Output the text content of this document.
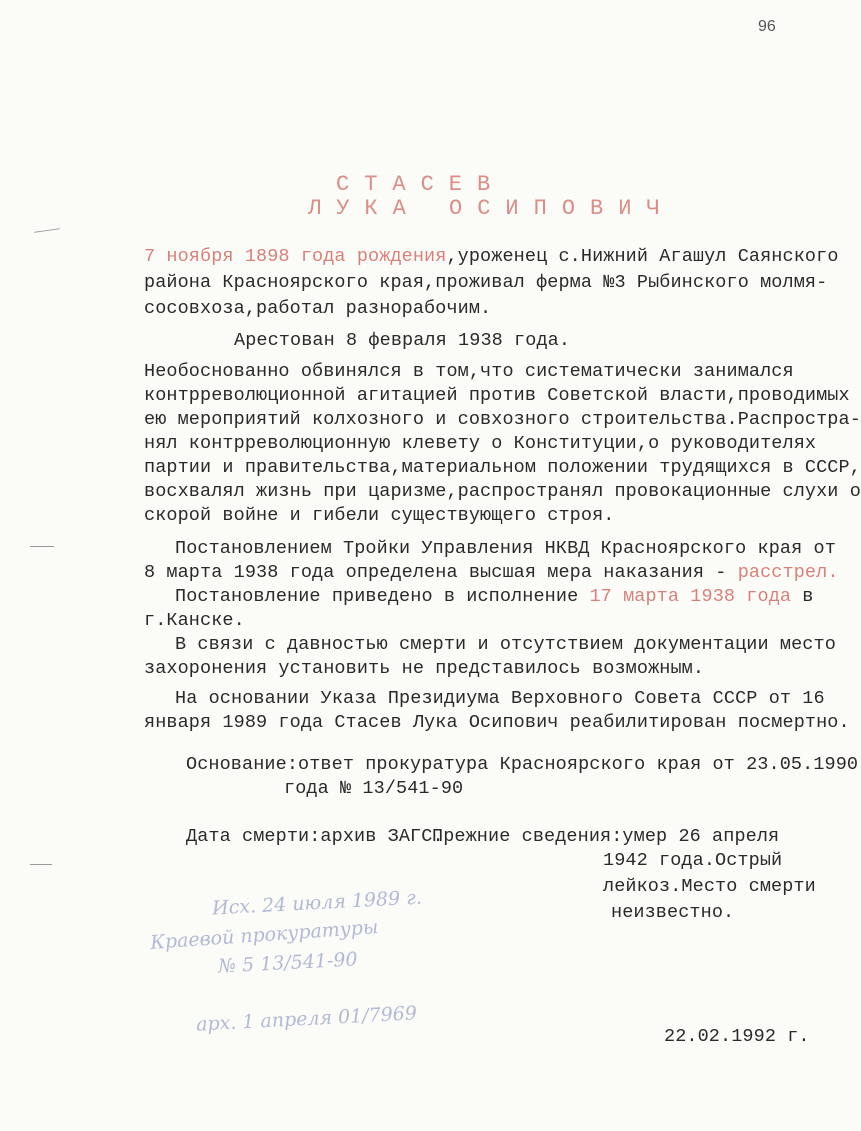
96
СТАСЕВ
ЛУКА ОСИПОВИЧ
7 ноября 1898 года рождения,уроженец с.Нижний Агашул Саянского
района Красноярского края,проживал ферма №3 Рыбинского молмя-
сосовхоза,работал разнорабочим.
Арестован 8 февраля 1938 года.
Необоснованно обвинялся в том,что систематически занимался
контрреволюционной агитацией против Советской власти,проводимых
ею мероприятий колхозного и совхозного строительства.Распростра-
нял контрреволюционную клевету о Конституции,о руководителях
партии и правительства,материальном положении трудящихся в СССР,
восхвалял жизнь при царизме,распространял провокационные слухи о
скорой войне и гибели существующего строя.
Постановлением Тройки Управления НКВД Красноярского края от
8 марта 1938 года определена высшая мера наказания - расстрел.
Постановление приведено в исполнение 17 марта 1938 года в
г.Канске.
В связи с давностью смерти и отсутствием документации место
захоронения установить не представилось возможным.
На основании Указа Президиума Верховного Совета СССР от 16
января 1989 года Стасев Лука Осипович реабилитирован посмертно.
Основание:ответ прокуратура Красноярского края от 23.05.1990
года № 13/541-90
Дата смерти:архив ЗАГС.
Прежние сведения:умер 26 апреля
1942 года.Острый
лейкоз.Место смерти
неизвестно.
Исх. 24 июля 1989 г.
Краевой прокуратуры
№ 5 13/541-90
арх. 1 апреля 01/7969
22.02.1992 г.
